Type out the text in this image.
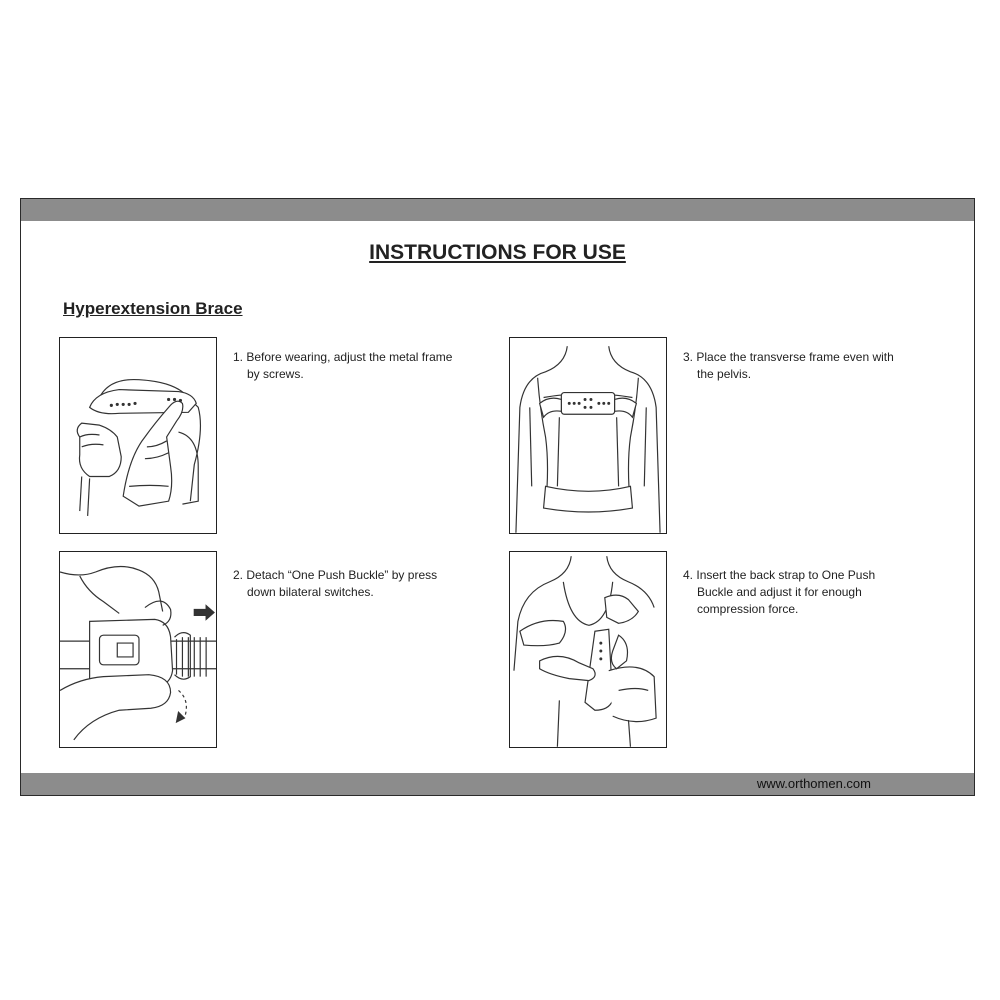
INSTRUCTIONS FOR USE
Hyperextension Brace
1. Before wearing, adjust the metal frame
by screws.
3. Place the transverse frame even with
the pelvis.
2. Detach “One Push Buckle” by press
down bilateral switches.
4. Insert the back strap to One Push
Buckle and adjust it for enough
compression force.
www.orthomen.com
